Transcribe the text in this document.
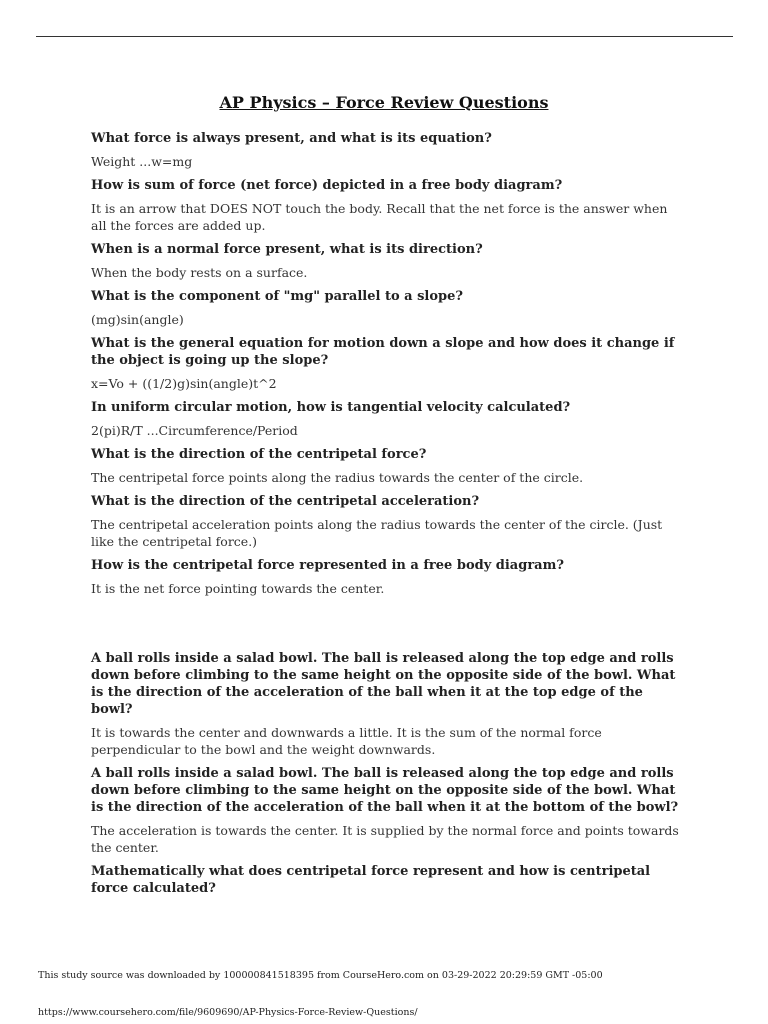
AP Physics – Force Review Questions

What force is always present, and what is its equation?

Weight ...w=mg

How is sum of force (net force) depicted in a free body diagram?

It is an arrow that DOES NOT touch the body. Recall that the net force is the answer when all the forces are added up.

When is a normal force present, what is its direction?

When the body rests on a surface.

What is the component of "mg" parallel to a slope?

(mg)sin(angle)

What is the general equation for motion down a slope and how does it change if the object is going up the slope?

x=Vo + ((1/2)g)sin(angle)t^2

In uniform circular motion, how is tangential velocity calculated?

2(pi)R/T ...Circumference/Period

What is the direction of the centripetal force?

The centripetal force points along the radius towards the center of the circle.

What is the direction of the centripetal acceleration?

The centripetal acceleration points along the radius towards the center of the circle. (Just like the centripetal force.)

How is the centripetal force represented in a free body diagram?

It is the net force pointing towards the center.

A ball rolls inside a salad bowl. The ball is released along the top edge and rolls down before climbing to the same height on the opposite side of the bowl. What is the direction of the acceleration of the ball when it at the top edge of the bowl?

It is towards the center and downwards a little. It is the sum of the normal force perpendicular to the bowl and the weight downwards.

A ball rolls inside a salad bowl. The ball is released along the top edge and rolls down before climbing to the same height on the opposite side of the bowl. What is the direction of the acceleration of the ball when it at the bottom of the bowl?

The acceleration is towards the center. It is supplied by the normal force and points towards the center.

Mathematically what does centripetal force represent and how is centripetal force calculated?

This study source was downloaded by 100000841518395 from CourseHero.com on 03-29-2022 20:29:59 GMT -05:00
https://www.coursehero.com/file/9609690/AP-Physics-Force-Review-Questions/
